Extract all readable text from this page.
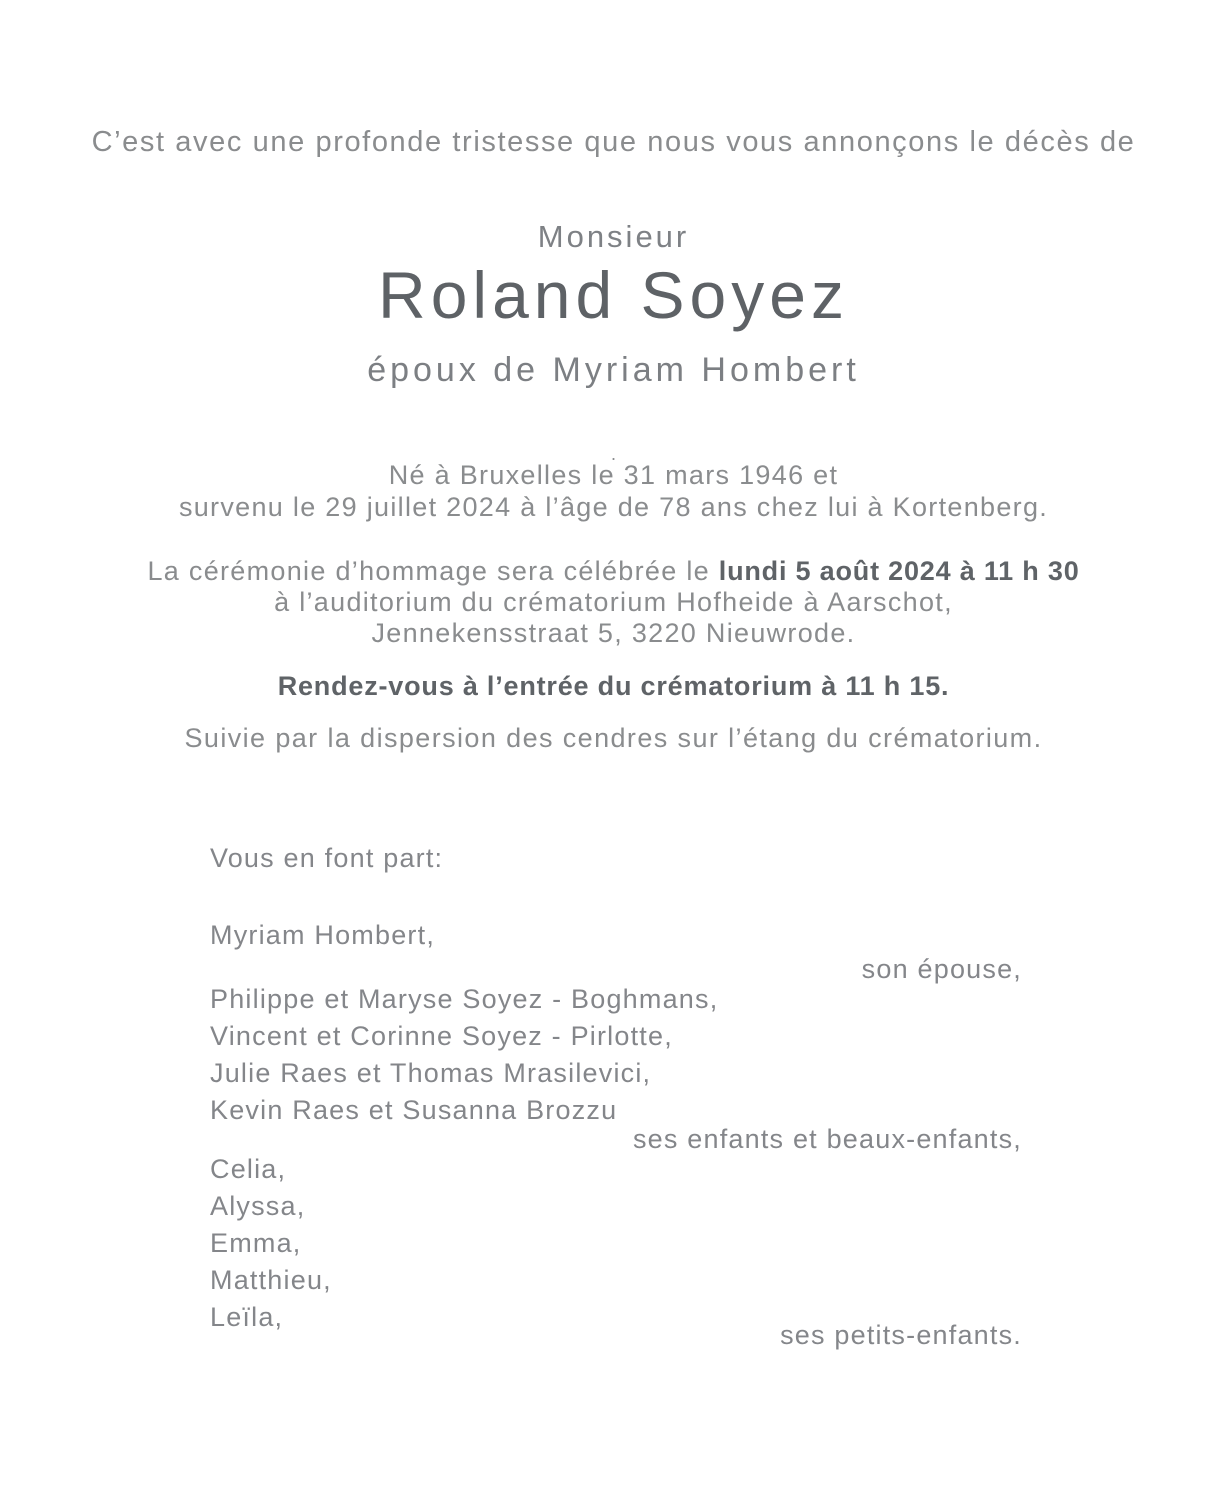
C’est avec une profonde tristesse que nous vous annonçons le décès de
Monsieur
Roland Soyez
époux de Myriam Hombert
.
Né à Bruxelles le 31 mars 1946 et
survenu le 29 juillet 2024 à l’âge de 78 ans chez lui à Kortenberg.
La cérémonie d’hommage sera célébrée le lundi 5 août 2024 à 11 h 30
à l’auditorium du crématorium Hofheide à Aarschot,
Jennekensstraat 5, 3220 Nieuwrode.
Rendez-vous à l’entrée du crématorium à 11 h 15.
Suivie par la dispersion des cendres sur l’étang du crématorium.
Vous en font part:
Myriam Hombert,
son épouse,
Philippe et Maryse Soyez - Boghmans,
Vincent et Corinne Soyez - Pirlotte,
Julie Raes et Thomas Mrasilevici,
Kevin Raes et Susanna Brozzu
ses enfants et beaux-enfants,
Celia,
Alyssa,
Emma,
Matthieu,
Leïla,
ses petits-enfants.
